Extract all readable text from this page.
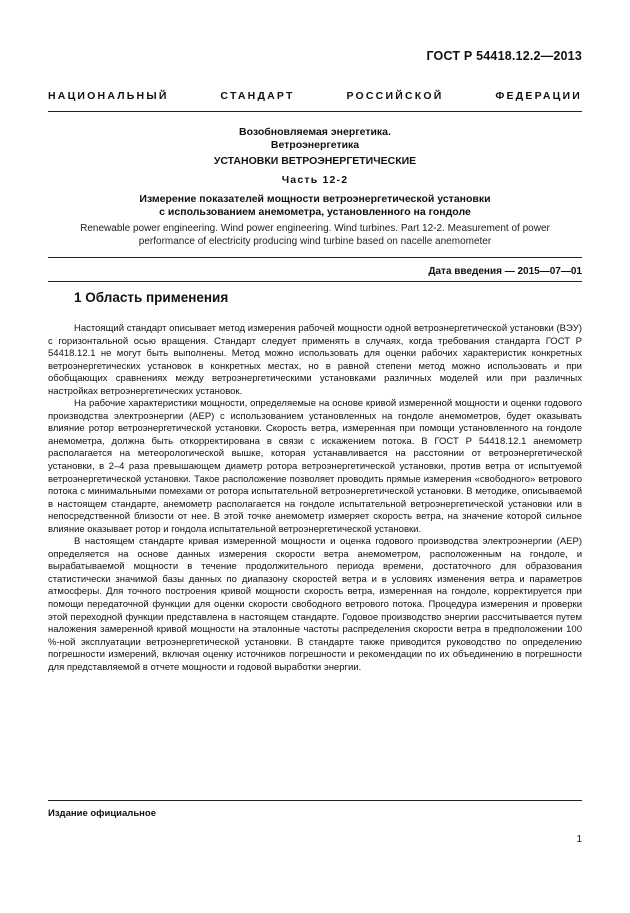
ГОСТ Р 54418.12.2—2013
НАЦИОНАЛЬНЫЙ СТАНДАРТ РОССИЙСКОЙ ФЕДЕРАЦИИ
Возобновляемая энергетика.
Ветроэнергетика
УСТАНОВКИ ВЕТРОЭНЕРГЕТИЧЕСКИЕ
Часть 12-2
Измерение показателей мощности ветроэнергетической установки
с использованием анемометра, установленного на гондоле
Renewable power engineering. Wind power engineering. Wind turbines. Part 12-2. Measurement of power
performance of electricity producing wind turbine based on nacelle anemometer
Дата введения — 2015—07—01
1 Область применения

Настоящий стандарт описывает метод измерения рабочей мощности одной ветроэнергетической установки (ВЭУ) с горизонтальной осью вращения. Стандарт следует применять в случаях, когда требования стандарта ГОСТ Р 54418.12.1 не могут быть выполнены. Метод можно использовать для оценки рабочих характеристик конкретных ветроэнергетических установок в конкретных местах, но в равной степени метод можно использовать и при обобщающих сравнениях между ветроэнергетическими установками различных моделей или при различных настройках ветроэнергетических установок.

На рабочие характеристики мощности, определяемые на основе кривой измеренной мощности и оценки годового производства электроэнергии (AEP) с использованием установленных на гондоле анемометров, будет оказывать влияние ротор ветроэнергетической установки. Скорость ветра, измеренная при помощи установленного на гондоле анемометра, должна быть откорректирована в связи с искажением потока. В ГОСТ Р 54418.12.1 анемометр располагается на метеорологической вышке, которая устанавливается на расстоянии от ветроэнергетической установки, в 2–4 раза превышающем диаметр ротора ветроэнергетической установки, против ветра от испытуемой ветроэнергетической установки. Такое расположение позволяет проводить прямые измерения «свободного» ветрового потока с минимальными помехами от ротора испытательной ветроэнергетической установки. В методике, описываемой в настоящем стандарте, анемометр располагается на гондоле испытательной ветроэнергетической установки или в непосредственной близости от нее. В этой точке анемометр измеряет скорость ветра, на значение которой сильное влияние оказывает ротор и гондола испытательной ветроэнергетической установки.

В настоящем стандарте кривая измеренной мощности и оценка годового производства электроэнергии (AEP) определяется на основе данных измерения скорости ветра анемометром, расположенным на гондоле, и вырабатываемой мощности в течение продолжительного периода времени, достаточного для образования статистически значимой базы данных по диапазону скоростей ветра и в условиях изменения ветра и параметров атмосферы. Для точного построения кривой мощности скорость ветра, измеренная на гондоле, корректируется при помощи передаточной функции для оценки скорости свободного ветрового потока. Процедура измерения и проверки этой переходной функции представлена в настоящем стандарте. Годовое производство энергии рассчитывается путем наложения замеренной кривой мощности на эталонные частоты распределения скорости ветра в предположении 100 %-ной эксплуатации ветроэнергетической установки. В стандарте также приводится руководство по определению погрешности измерений, включая оценку источников погрешности и рекомендации по их объединению в погрешности для представляемой в отчете мощности и годовой выработки энергии.

Издание официальное
1
